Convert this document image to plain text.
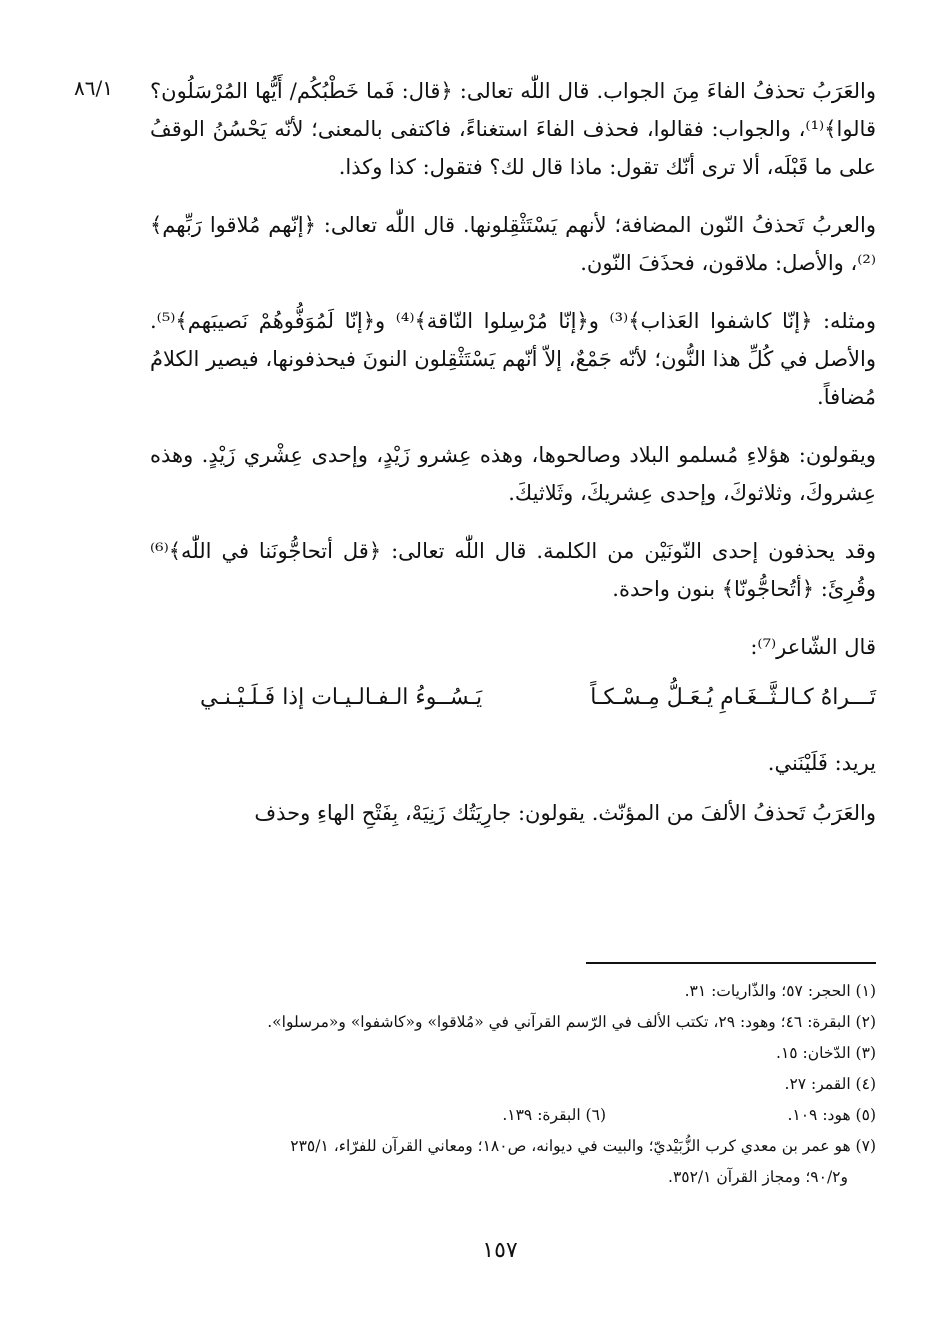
٨٦/١ والعَرَبُ تحذفُ الفاءَ مِنَ الجواب. قال اللّٰه تعالى: ﴿قال: فَما خَطْبُكُم/ أَيُّها المُرْسَلُون؟ قالوا﴾⁽¹⁾، والجواب: فقالوا، فحذف الفاءَ استغناءً، فاكتفى بالمعنى؛ لأنّه يَحْسُنُ الوقفُ على ما قَبْلَه، ألا ترى أنّك تقول: ماذا قال لك؟ فتقول: كذا وكذا.

والعربُ تَحذفُ النّون المضافة؛ لأنهم يَسْتَثْقِلونها. قال اللّٰه تعالى: ﴿إنّهم مُلاقوا رَبِّهم﴾⁽²⁾، والأصل: ملاقون، فحذَفَ النّون.

ومثله: ﴿إنّا كاشفوا العَذاب﴾⁽³⁾ و﴿إنّا مُرْسِلوا النّاقة﴾⁽⁴⁾ و﴿إنّا لَمُوَفُّوهُمْ نَصيبَهم﴾⁽⁵⁾. والأصل في كُلِّ هذا النُّون؛ لأنّه جَمْعٌ، إلاّ أنّهم يَسْتَثْقِلون النونَ فيحذفونها، فيصير الكلامُ مُضافاً.

ويقولون: هؤلاءِ مُسلمو البلاد وصالحوها، وهذه عِشرو زَيْدٍ، وإحدى عِشْري زَيْدٍ. وهذه عِشروكَ، وثلاثوكَ، وإحدى عِشريكَ، وثَلاثيكَ.

وقد يحذفون إحدى النّونَيْن من الكلمة. قال اللّٰه تعالى: ﴿قل أتحاجُّونَنا في اللّٰه﴾⁽⁶⁾ وقُرِئَ: ﴿أتُحاجُّونّا﴾ بنون واحدة.

قال الشّاعر⁽⁷⁾:

تَـــراهُ كـالـثَّــغَـامِ يُـعَـلُّ مِـسْـكـاً
يَـسُــوءُ الـفـالـيـات إذا فَـلَـيْـنـي

يريد: فَلَيْنَني.

والعَرَبُ تَحذفُ الألفَ من المؤنّث. يقولون: جارِيَتُك زَنِيَهْ، بِفَتْحِ الهاءِ وحذف

(١) الحجر: ٥٧؛ والذّاريات: ٣١.

(٢) البقرة: ٤٦؛ وهود: ٢٩، تكتب الألف في الرّسم القرآني في «مُلاقوا» و«كاشفوا» و«مرسلوا».

(٣) الدّخان: ١٥.

(٤) القمر: ٢٧.

(٥) هود: ١٠٩.

(٦) البقرة: ١٣٩.

(٧) هو عمر بن معدي كرب الزُّبَيْديّ؛ والبيت في ديوانه، ص١٨٠؛ ومعاني القرآن للفرّاء، ٢٣٥/١

و٩٠/٢؛ ومجاز القرآن ٣٥٢/١.

١٥٧
